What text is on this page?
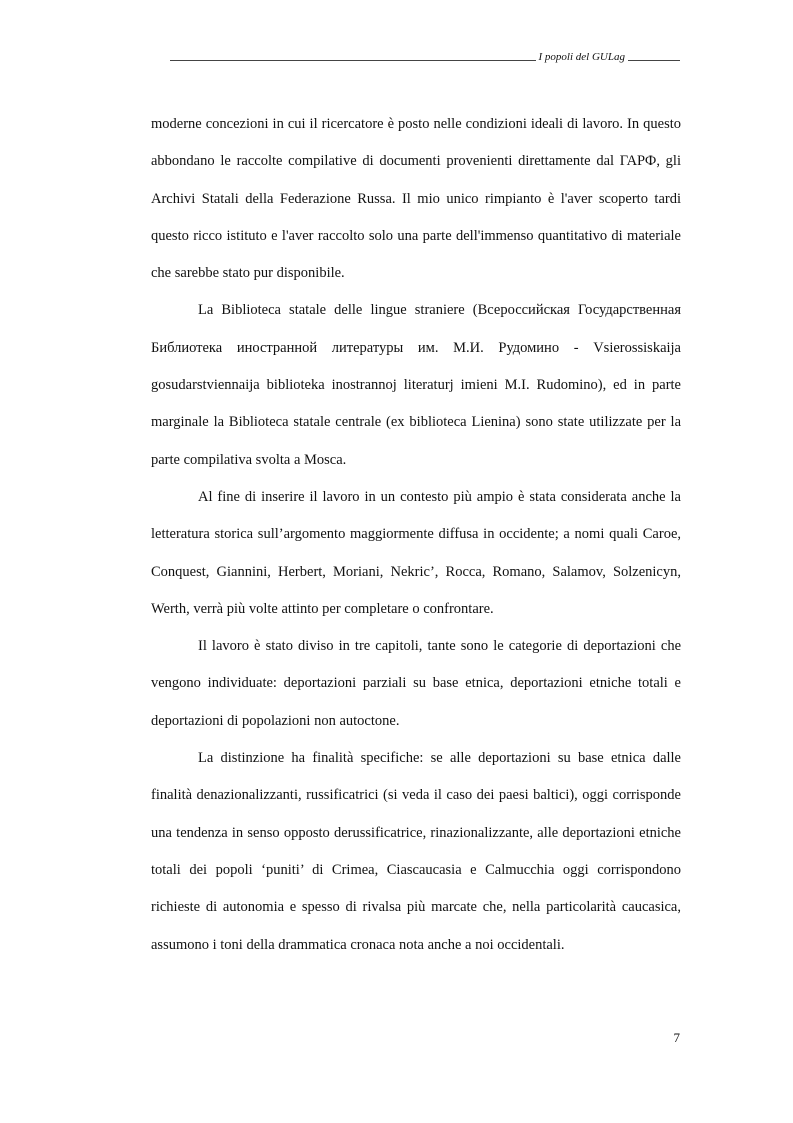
I popoli del GULag

moderne concezioni in cui il ricercatore è posto nelle condizioni ideali di lavoro. In questo abbondano le raccolte compilative di documenti provenienti direttamente dal ГАРФ, gli Archivi Statali della Federazione Russa. Il mio unico rimpianto è l'aver scoperto tardi questo ricco istituto e l'aver raccolto solo una parte dell'immenso quantitativo di materiale che sarebbe stato pur disponibile.

La Biblioteca statale delle lingue straniere (Всероссийская Государственная Библиотека иностранной литературы им. М.И. Рудомино - Vsierossiskaija gosudarstviennaija biblioteka inostrannoj literaturj imieni M.I. Rudomino), ed in parte marginale la Biblioteca statale centrale (ex biblioteca Lienina) sono state utilizzate per la parte compilativa svolta a Mosca.

Al fine di inserire il lavoro in un contesto più ampio è stata considerata anche la letteratura storica sull’argomento maggiormente diffusa in occidente; a nomi quali Caroe, Conquest, Giannini, Herbert, Moriani, Nekric’, Rocca, Romano, Salamov, Solzenicyn, Werth, verrà più volte attinto per completare o confrontare.

Il lavoro è stato diviso in tre capitoli, tante sono le categorie di deportazioni che vengono individuate: deportazioni parziali su base etnica, deportazioni etniche totali e deportazioni di popolazioni non autoctone.

La distinzione ha finalità specifiche: se alle deportazioni su base etnica dalle finalità denazionalizzanti, russificatrici (si veda il caso dei paesi baltici), oggi corrisponde una tendenza in senso opposto derussificatrice, rinazionalizzante, alle deportazioni etniche totali dei popoli ‘puniti’ di Crimea, Ciascaucasia e Calmucchia oggi corrispondono richieste di autonomia e spesso di rivalsa più marcate che, nella particolarità caucasica, assumono i toni della drammatica cronaca nota anche a noi occidentali.

7
